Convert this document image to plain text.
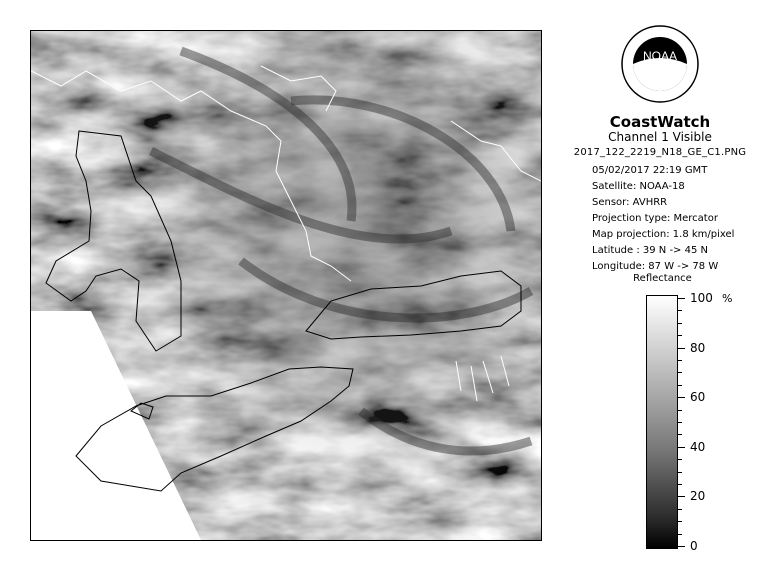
NOAA
CoastWatch
Channel 1 Visible
2017_122_2219_N18_GE_C1.PNG
05/02/2017 22:19 GMT
Satellite: NOAA-18
Sensor: AVHRR
Projection type: Mercator
Map projection: 1.8 km/pixel
Latitude : 39 N -> 45 N
Longitude: 87 W -> 78 W
Reflectance
%
100
80
60
40
20
0
